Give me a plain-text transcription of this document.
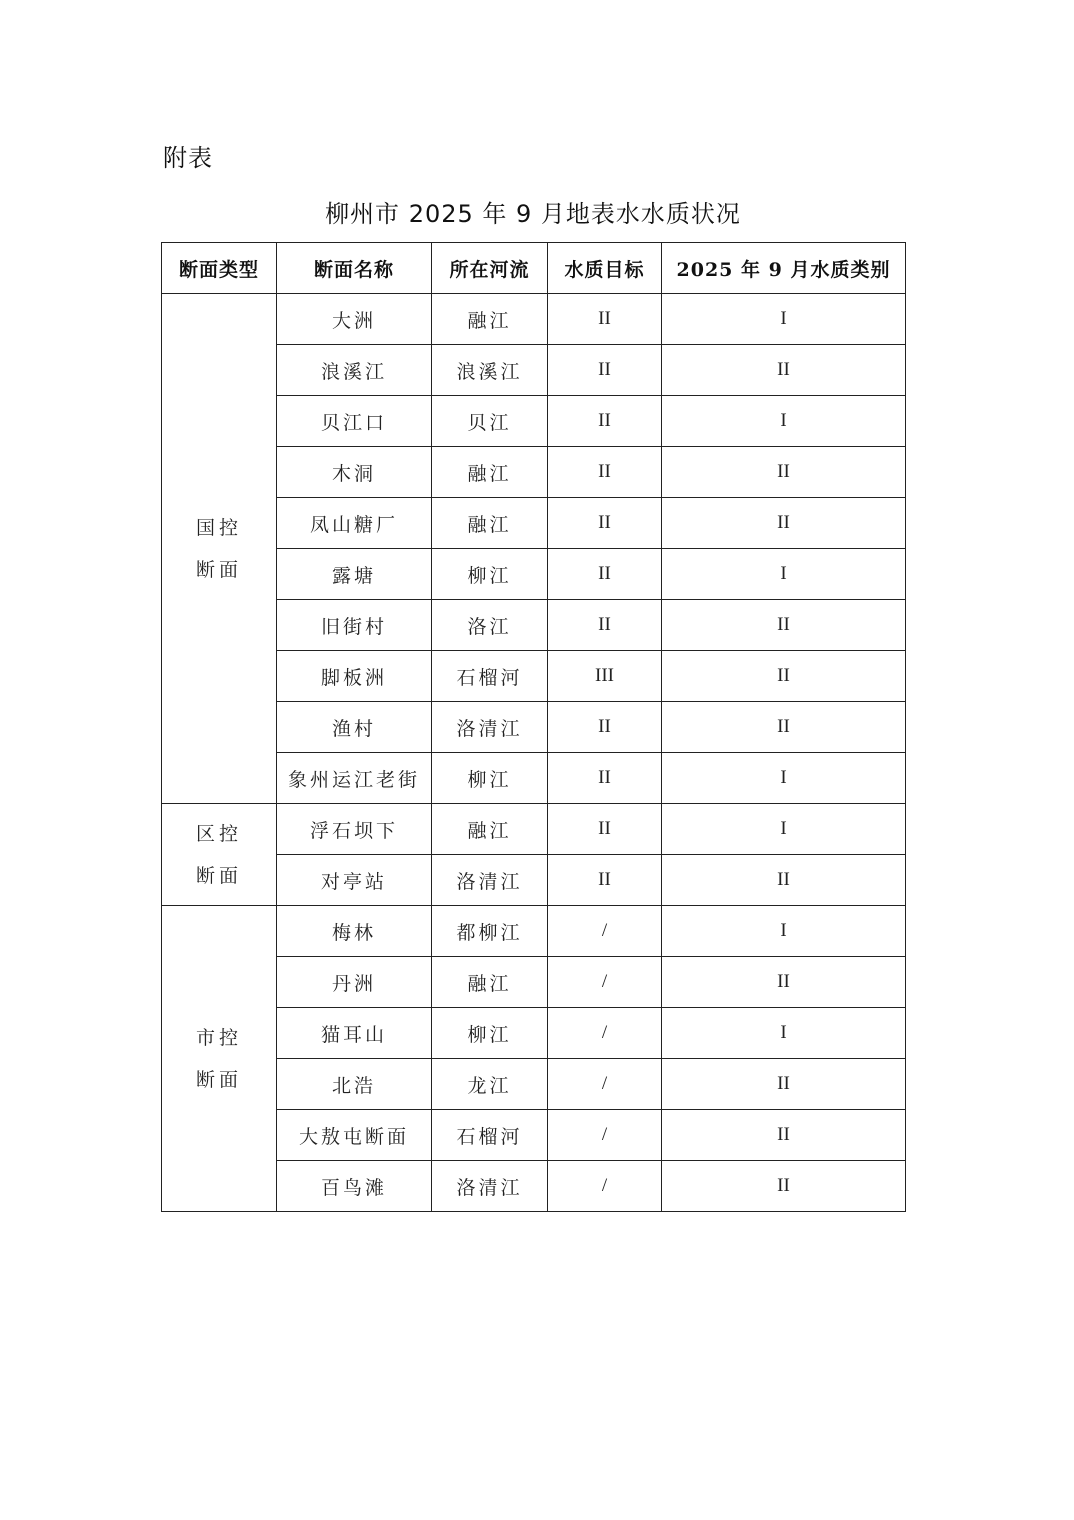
附表
柳州市 2025 年 9 月地表水水质状况
断面类型	断面名称	所在河流	水质目标	2025 年 9 月水质类别

国控
断面	大洲	融江	II	I
	浪溪江	浪溪江	II	II
	贝江口	贝江	II	I
	木洞	融江	II	II
	凤山糖厂	融江	II	II
	露塘	柳江	II	I
	旧街村	洛江	II	II
	脚板洲	石榴河	III	II
	渔村	洛清江	II	II
	象州运江老街	柳江	II	I

区控
断面	浮石坝下	融江	II	I
	对亭站	洛清江	II	II

市控
断面	梅林	都柳江	/	I
	丹洲	融江	/	II
	猫耳山	柳江	/	I
	北浩	龙江	/	II
	大敖屯断面	石榴河	/	II
	百鸟滩	洛清江	/	II
